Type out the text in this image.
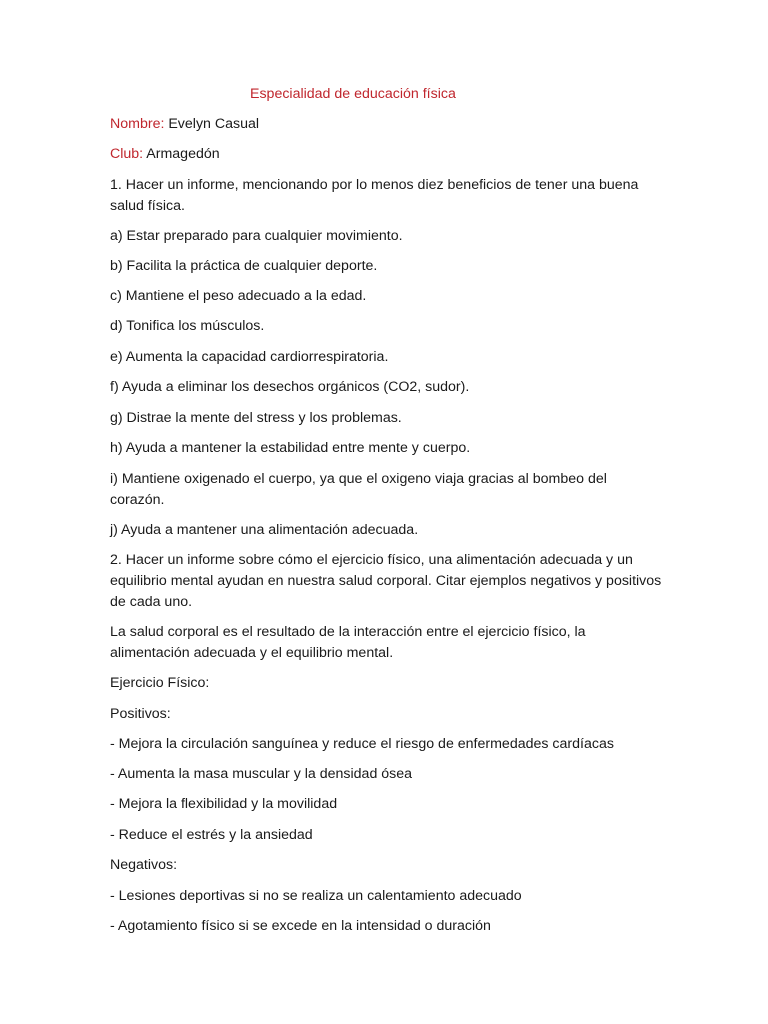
Especialidad de educación física
Nombre: Evelyn Casual
Club: Armagedón
1. Hacer un informe, mencionando por lo menos diez beneficios de tener una buena salud física.
a) Estar preparado para cualquier movimiento.
b) Facilita la práctica de cualquier deporte.
c) Mantiene el peso adecuado a la edad.
d) Tonifica los músculos.
e) Aumenta la capacidad cardiorrespiratoria.
f) Ayuda a eliminar los desechos orgánicos (CO2, sudor).
g) Distrae la mente del stress y los problemas.
h) Ayuda a mantener la estabilidad entre mente y cuerpo.
i) Mantiene oxigenado el cuerpo, ya que el oxigeno viaja gracias al bombeo del corazón.
j) Ayuda a mantener una alimentación adecuada.
2. Hacer un informe sobre cómo el ejercicio físico, una alimentación adecuada y un equilibrio mental ayudan en nuestra salud corporal. Citar ejemplos negativos y positivos de cada uno.
La salud corporal es el resultado de la interacción entre el ejercicio físico, la alimentación adecuada y el equilibrio mental.
Ejercicio Físico:
Positivos:
- Mejora la circulación sanguínea y reduce el riesgo de enfermedades cardíacas
- Aumenta la masa muscular y la densidad ósea
- Mejora la flexibilidad y la movilidad
- Reduce el estrés y la ansiedad
Negativos:
- Lesiones deportivas si no se realiza un calentamiento adecuado
- Agotamiento físico si se excede en la intensidad o duración
